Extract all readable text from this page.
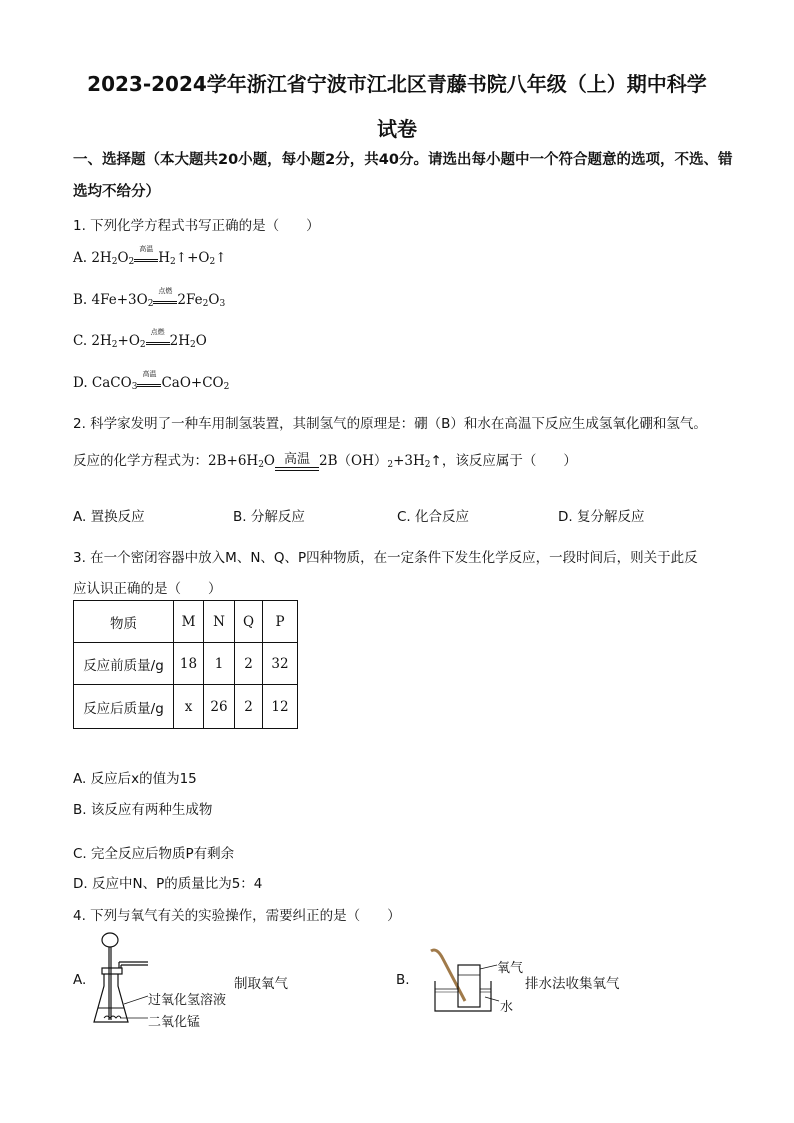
2023-2024学年浙江省宁波市江北区青藤书院八年级（上）期中科学
试卷
一、选择题（本大题共20小题，每小题2分，共40分。请选出每小题中一个符合题意的选项，不选、错选均不给分）
1. 下列化学方程式书写正确的是（　　）
A. $2H_2O_2$
高温
$H_2↑+O_2↑$
B. $4Fe+3O_2$
点燃
$2Fe_2O_3$
C. $2H_2+O_2$
点燃
$2H_2O$
D. CaCO$_3$
高温
$CaO+CO_2$
2. 科学家发明了一种车用制氢装置，其制氢气的原理是：硼（B）和水在高温下反应生成氢氧化硼和氢气。
反应的化学方程式为：$2B+6H_2O$ 高温 $2B(OH)_2+3H_2↑$，该反应属于（　　）
A. 置换反应	B. 分解反应	C. 化合反应	D. 复分解反应
3. 在一个密闭容器中放入M、N、Q、P四种物质，在一定条件下发生化学反应，一段时间后，则关于此反
应认识正确的是（　　）
物质	M	N	Q	P
反应前质量/g	18	1	2	32
反应后质量/g	x	26	2	12
A. 反应后x的值为15
B. 该反应有两种生成物
C. 完全反应后物质P有剩余
D. 反应中N、P的质量比为5：4
4. 下列与氧气有关的实验操作，需要纠正的是（　　）
A.	制取氧气
过氧化氢溶液
二氧化锰
B.	排水法收集氧气
氧气
水
